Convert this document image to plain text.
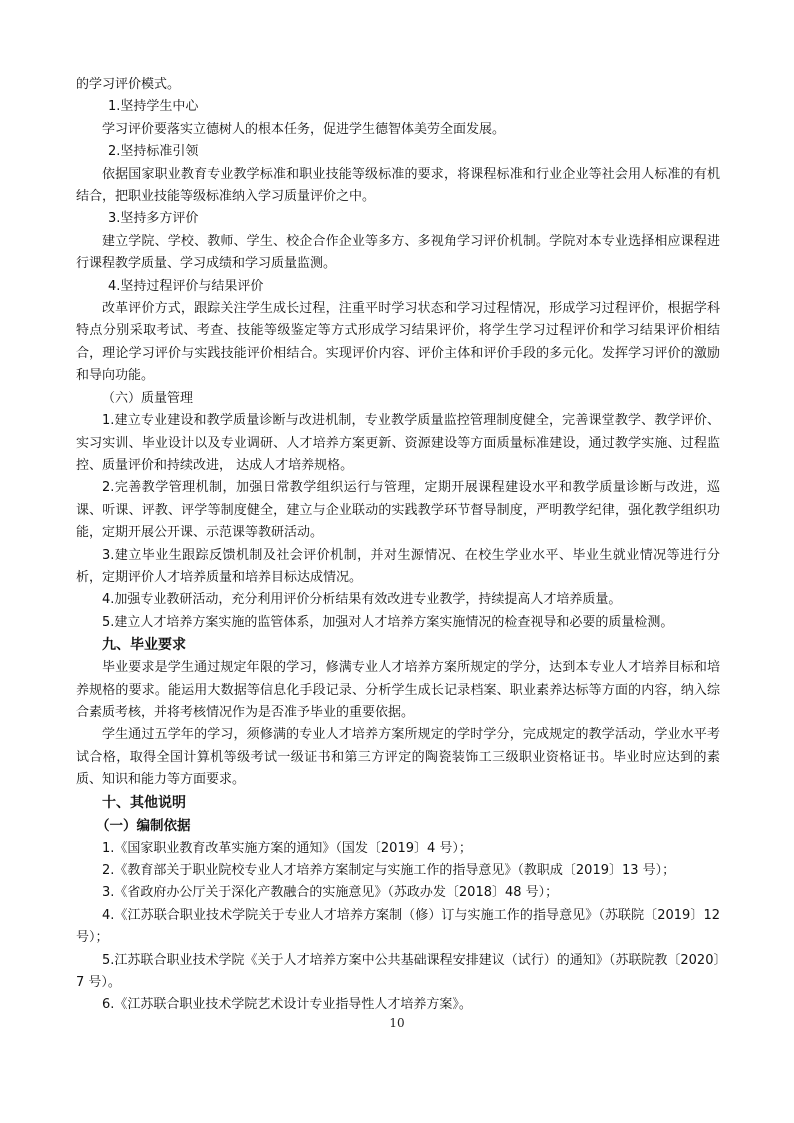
的学习评价模式。

1.坚持学生中心

学习评价要落实立德树人的根本任务，促进学生德智体美劳全面发展。

2.坚持标准引领

依据国家职业教育专业教学标准和职业技能等级标准的要求，将课程标准和行业企业等社会用人标准的有机结合，把职业技能等级标准纳入学习质量评价之中。

3.坚持多方评价

建立学院、学校、教师、学生、校企合作企业等多方、多视角学习评价机制。学院对本专业选择相应课程进行课程教学质量、学习成绩和学习质量监测。

4.坚持过程评价与结果评价

改革评价方式，跟踪关注学生成长过程，注重平时学习状态和学习过程情况，形成学习过程评价，根据学科特点分别采取考试、考查、技能等级鉴定等方式形成学习结果评价，将学生学习过程评价和学习结果评价相结合，理论学习评价与实践技能评价相结合。实现评价内容、评价主体和评价手段的多元化。发挥学习评价的激励和导向功能。

（六）质量管理

1.建立专业建设和教学质量诊断与改进机制，专业教学质量监控管理制度健全，完善课堂教学、教学评价、实习实训、毕业设计以及专业调研、人才培养方案更新、资源建设等方面质量标准建设，通过教学实施、过程监控、质量评价和持续改进， 达成人才培养规格。

2.完善教学管理机制，加强日常教学组织运行与管理，定期开展课程建设水平和教学质量诊断与改进，巡课、听课、评教、评学等制度健全，建立与企业联动的实践教学环节督导制度，严明教学纪律，强化教学组织功能，定期开展公开课、示范课等教研活动。

3.建立毕业生跟踪反馈机制及社会评价机制，并对生源情况、在校生学业水平、毕业生就业情况等进行分析，定期评价人才培养质量和培养目标达成情况。

4.加强专业教研活动，充分利用评价分析结果有效改进专业教学，持续提高人才培养质量。

5.建立人才培养方案实施的监管体系，加强对人才培养方案实施情况的检查视导和必要的质量检测。

九、毕业要求

毕业要求是学生通过规定年限的学习，修满专业人才培养方案所规定的学分，达到本专业人才培养目标和培养规格的要求。能运用大数据等信息化手段记录、分析学生成长记录档案、职业素养达标等方面的内容，纳入综合素质考核，并将考核情况作为是否准予毕业的重要依据。

学生通过五学年的学习，须修满的专业人才培养方案所规定的学时学分，完成规定的教学活动，学业水平考试合格，取得全国计算机等级考试一级证书和第三方评定的陶瓷装饰工三级职业资格证书。毕业时应达到的素质、知识和能力等方面要求。

十、其他说明

（一）编制依据

1.《国家职业教育改革实施方案的通知》（国发〔2019〕4 号）；

2.《教育部关于职业院校专业人才培养方案制定与实施工作的指导意见》（教职成〔2019〕13 号）；

3.《省政府办公厅关于深化产教融合的实施意见》（苏政办发〔2018〕48 号）；

4.《江苏联合职业技术学院关于专业人才培养方案制（修）订与实施工作的指导意见》（苏联院〔2019〕12 号）；

5.江苏联合职业技术学院《关于人才培养方案中公共基础课程安排建议（试行）的通知》（苏联院教〔2020〕7 号）。

6.《江苏联合职业技术学院艺术设计专业指导性人才培养方案》。

10
